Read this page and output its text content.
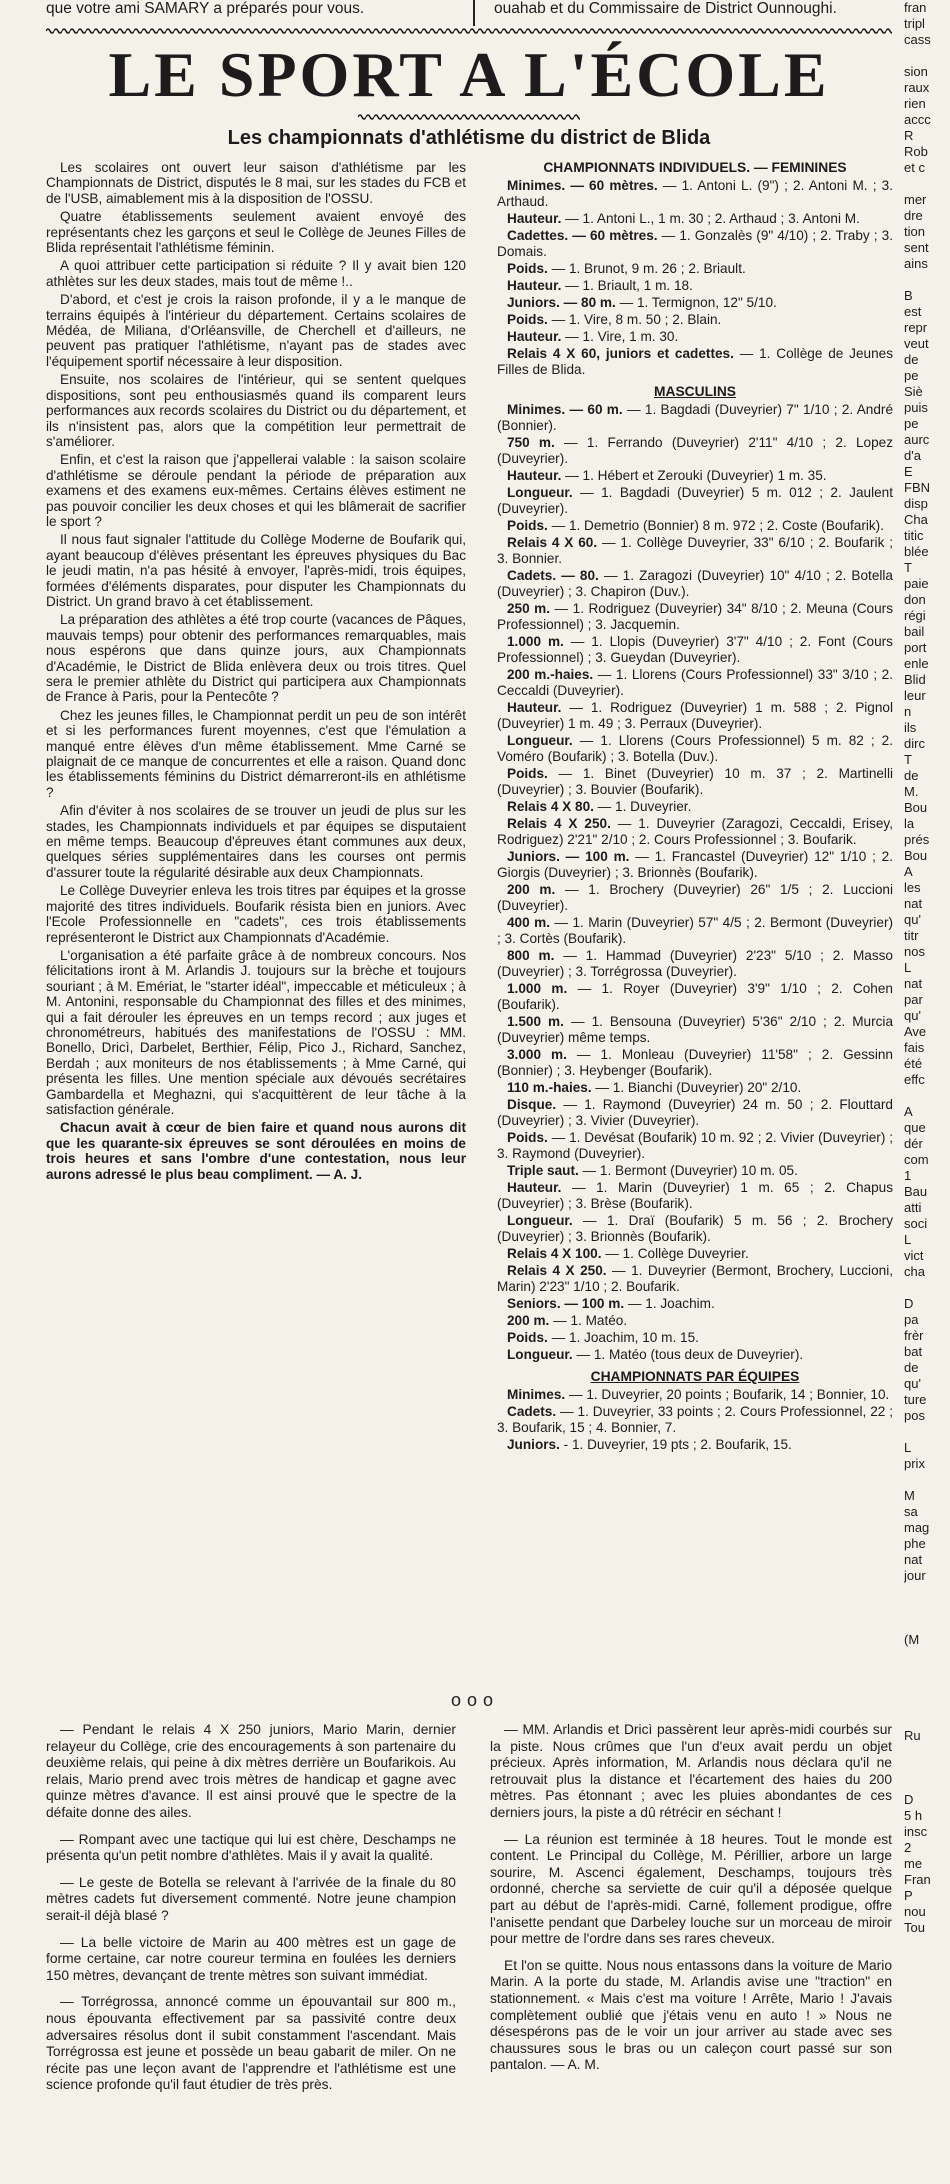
que votre ami SAMARY a préparés pour vous.	ouahab et du Commissaire de District Ounnoughi.
LE SPORT A L'ÉCOLE
Les championnats d'athlétisme du district de Blida

Les scolaires ont ouvert leur saison d'athlétisme par les Championnats de District, disputés le 8 mai, sur les stades du FCB et de l'USB, aimablement mis à la disposition de l'OSSU.

Quatre établissements seulement avaient envoyé des représentants chez les garçons et seul le Collège de Jeunes Filles de Blida représentait l'athlétisme féminin.

A quoi attribuer cette participation si réduite ? Il y avait bien 120 athlètes sur les deux stades, mais tout de même !..

D'abord, et c'est je crois la raison profonde, il y a le manque de terrains équipés à l'intérieur du département. Certains scolaires de Médéa, de Miliana, d'Orléansville, de Cherchell et d'ailleurs, ne peuvent pas pratiquer l'athlétisme, n'ayant pas de stades avec l'équipement sportif nécessaire à leur disposition.

Ensuite, nos scolaires de l'intérieur, qui se sentent quelques dispositions, sont peu enthousiasmés quand ils comparent leurs performances aux records scolaires du District ou du département, et ils n'insistent pas, alors que la compétition leur permettrait de s'améliorer.

Enfin, et c'est la raison que j'appellerai valable : la saison scolaire d'athlétisme se déroule pendant la période de préparation aux examens et des examens eux-mêmes. Certains élèves estiment ne pas pouvoir concilier les deux choses et qui les blâmerait de sacrifier le sport ?

Il nous faut signaler l'attitude du Collège Moderne de Boufarik qui, ayant beaucoup d'élèves présentant les épreuves physiques du Bac le jeudi matin, n'a pas hésité à envoyer, l'après-midi, trois équipes, formées d'éléments disparates, pour disputer les Championnats du District. Un grand bravo à cet établissement.

La préparation des athlètes a été trop courte (vacances de Pâques, mauvais temps) pour obtenir des performances remarquables, mais nous espérons que dans quinze jours, aux Championnats d'Académie, le District de Blida enlèvera deux ou trois titres. Quel sera le premier athlète du District qui participera aux Championnats de France à Paris, pour la Pentecôte ?

Chez les jeunes filles, le Championnat perdit un peu de son intérêt et si les performances furent moyennes, c'est que l'émulation a manqué entre élèves d'un même établissement. Mme Carné se plaignait de ce manque de concurrentes et elle a raison. Quand donc les établissements féminins du District démarreront-ils en athlétisme ?

Afin d'éviter à nos scolaires de se trouver un jeudi de plus sur les stades, les Championnats individuels et par équipes se disputaient en même temps. Beaucoup d'épreuves étant communes aux deux, quelques séries supplémentaires dans les courses ont permis d'assurer toute la régularité désirable aux deux Championnats.

Le Collège Duveyrier enleva les trois titres par équipes et la grosse majorité des titres individuels. Boufarik résista bien en juniors. Avec l'Ecole Professionnelle en "cadets", ces trois établissements représenteront le District aux Championnats d'Académie.

L'organisation a été parfaite grâce à de nombreux concours. Nos félicitations iront à M. Arlandis J. toujours sur la brèche et toujours souriant ; à M. Emériat, le "starter idéal", impeccable et méticuleux ; à M. Antonini, responsable du Championnat des filles et des minimes, qui a fait dérouler les épreuves en un temps record ; aux juges et chronométreurs, habitués des manifestations de l'OSSU : MM. Bonello, Dricì, Darbelet, Berthier, Félip, Pico J., Richard, Sanchez, Berdah ; aux moniteurs de nos établissements ; à Mme Carné, qui présenta les filles. Une mention spéciale aux dévoués secrétaires Gambardella et Meghazni, qui s'acquittèrent de leur tâche à la satisfaction générale.

Chacun avait à cœur de bien faire et quand nous aurons dit que les quarante-six épreuves se sont déroulées en moins de trois heures et sans l'ombre d'une contestation, nous leur aurons adressé le plus beau compliment. — A. J.

CHAMPIONNATS INDIVIDUELS. — FEMININES
Minimes. — 60 mètres. — 1. Antoni L. (9") ; 2. Antoni M. ; 3. Arthaud.
Hauteur. — 1. Antoni L., 1 m. 30 ; 2. Arthaud ; 3. Antoni M.
Cadettes. — 60 mètres. — 1. Gonzalès (9" 4/10) ; 2. Traby ; 3. Domais.
Poids. — 1. Brunot, 9 m. 26 ; 2. Briault.
Hauteur. — 1. Briault, 1 m. 18.
Juniors. — 80 m. — 1. Termignon, 12" 5/10.
Poids. — 1. Vire, 8 m. 50 ; 2. Blain.
Hauteur. — 1. Vire, 1 m. 30.
Relais 4 X 60, juniors et cadettes. — 1. Collège de Jeunes Filles de Blida.
MASCULINS
Minimes. — 60 m. — 1. Bagdadi (Duveyrier) 7" 1/10 ; 2. André (Bonnier).
750 m. — 1. Ferrando (Duveyrier) 2'11" 4/10 ; 2. Lopez (Duveyrier).
Hauteur. — 1. Hébert et Zerouki (Duveyrier) 1 m. 35.
Longueur. — 1. Bagdadi (Duveyrier) 5 m. 012 ; 2. Jaulent (Duveyrier).
Poids. — 1. Demetrio (Bonnier) 8 m. 972 ; 2. Coste (Boufarik).
Relais 4 X 60. — 1. Collège Duveyrier, 33" 6/10 ; 2. Boufarik ; 3. Bonnier.
Cadets. — 80. — 1. Zaragozi (Duveyrier) 10" 4/10 ; 2. Botella (Duveyrier) ; 3. Chapiron (Duv.).
250 m. — 1. Rodriguez (Duveyrier) 34" 8/10 ; 2. Meuna (Cours Professionnel) ; 3. Jacquemin.
1.000 m. — 1. Llopis (Duveyrier) 3'7" 4/10 ; 2. Font (Cours Professionnel) ; 3. Gueydan (Duveyrier).
200 m.-haies. — 1. Llorens (Cours Professionnel) 33" 3/10 ; 2. Ceccaldi (Duveyrier).
Hauteur. — 1. Rodriguez (Duveyrier) 1 m. 588 ; 2. Pignol (Duveyrier) 1 m. 49 ; 3. Perraux (Duveyrier).
Longueur. — 1. Llorens (Cours Professionnel) 5 m. 82 ; 2. Voméro (Boufarik) ; 3. Botella (Duv.).
Poids. — 1. Binet (Duveyrier) 10 m. 37 ; 2. Martinelli (Duveyrier) ; 3. Bouvier (Boufarik).
Relais 4 X 80. — 1. Duveyrier.
Relais 4 X 250. — 1. Duveyrier (Zaragozi, Ceccaldi, Erisey, Rodriguez) 2'21" 2/10 ; 2. Cours Professionnel ; 3. Boufarik.
Juniors. — 100 m. — 1. Francastel (Duveyrier) 12" 1/10 ; 2. Giorgis (Duveyrier) ; 3. Brionnès (Boufarik).
200 m. — 1. Brochery (Duveyrier) 26" 1/5 ; 2. Luccioni (Duveyrier).
400 m. — 1. Marin (Duveyrier) 57" 4/5 ; 2. Bermont (Duveyrier) ; 3. Cortès (Boufarik).
800 m. — 1. Hammad (Duveyrier) 2'23" 5/10 ; 2. Masso (Duveyrier) ; 3. Torrégrossa (Duveyrier).
1.000 m. — 1. Royer (Duveyrier) 3'9" 1/10 ; 2. Cohen (Boufarik).
1.500 m. — 1. Bensouna (Duveyrier) 5'36" 2/10 ; 2. Murcia (Duveyrier) même temps.
3.000 m. — 1. Monleau (Duveyrier) 11'58" ; 2. Gessinn (Bonnier) ; 3. Heybenger (Boufarik).
110 m.-haies. — 1. Bianchi (Duveyrier) 20" 2/10.
Disque. — 1. Raymond (Duveyrier) 24 m. 50 ; 2. Flouttard (Duveyrier) ; 3. Vivier (Duveyrier).
Poids. — 1. Devésat (Boufarik) 10 m. 92 ; 2. Vivier (Duveyrier) ; 3. Raymond (Duveyrier).
Triple saut. — 1. Bermont (Duveyrier) 10 m. 05.
Hauteur. — 1. Marin (Duveyrier) 1 m. 65 ; 2. Chapus (Duveyrier) ; 3. Brèse (Boufarik).
Longueur. — 1. Draï (Boufarik) 5 m. 56 ; 2. Brochery (Duveyrier) ; 3. Brionnès (Boufarik).
Relais 4 X 100. — 1. Collège Duveyrier.
Relais 4 X 250. — 1. Duveyrier (Bermont, Brochery, Luccioni, Marin) 2'23" 1/10 ; 2. Boufarik.
Seniors. — 100 m. — 1. Joachim.
200 m. — 1. Matéo.
Poids. — 1. Joachim, 10 m. 15.
Longueur. — 1. Matéo (tous deux de Duveyrier).
CHAMPIONNATS PAR ÉQUIPES
Minimes. — 1. Duveyrier, 20 points ; Boufarik, 14 ; Bonnier, 10.
Cadets. — 1. Duveyrier, 33 points ; 2. Cours Professionnel, 22 ; 3. Boufarik, 15 ; 4. Bonnier, 7.
Juniors. - 1. Duveyrier, 19 pts ; 2. Boufarik, 15.
ooo

— Pendant le relais 4 X 250 juniors, Mario Marin, dernier relayeur du Collège, crie des encouragements à son partenaire du deuxième relais, qui peine à dix mètres derrière un Boufarikois. Au relais, Mario prend avec trois mètres de handicap et gagne avec quinze mètres d'avance. Il est ainsi prouvé que le spectre de la défaite donne des ailes.

— Rompant avec une tactique qui lui est chère, Deschamps ne présenta qu'un petit nombre d'athlètes. Mais il y avait la qualité.

— Le geste de Botella se relevant à l'arrivée de la finale du 80 mètres cadets fut diversement commenté. Notre jeune champion serait-il déjà blasé ?

— La belle victoire de Marin au 400 mètres est un gage de forme certaine, car notre coureur termina en foulées les derniers 150 mètres, devançant de trente mètres son suivant immédiat.

— Torrégrossa, annoncé comme un épouvantail sur 800 m., nous épouvanta effectivement par sa passivité contre deux adversaires résolus dont il subit constamment l'ascendant. Mais Torrégrossa est jeune et possède un beau gabarit de miler. On ne récite pas une leçon avant de l'apprendre et l'athlétisme est une science profonde qu'il faut étudier de très près.

— MM. Arlandis et Dricì passèrent leur après-midi courbés sur la piste. Nous crûmes que l'un d'eux avait perdu un objet précieux. Après information, M. Arlandis nous déclara qu'il ne retrouvait plus la distance et l'écartement des haies du 200 mètres. Pas étonnant ; avec les pluies abondantes de ces derniers jours, la piste a dû rétrécir en séchant !

— La réunion est terminée à 18 heures. Tout le monde est content. Le Principal du Collège, M. Périllier, arbore un large sourire, M. Ascenci également, Deschamps, toujours très ordonné, cherche sa serviette de cuir qu'il a déposée quelque part au début de l'après-midi. Carné, follement prodigue, offre l'anisette pendant que Darbeley louche sur un morceau de miroir pour mettre de l'ordre dans ses rares cheveux.

Et l'on se quitte. Nous nous entassons dans la voiture de Mario Marin. A la porte du stade, M. Arlandis avise une "traction" en stationnement. « Mais c'est ma voiture ! Arrête, Mario ! J'avais complètement oublié que j'étais venu en auto ! » Nous ne désespérons pas de le voir un jour arriver au stade avec ses chaussures sous le bras ou un caleçon court passé sur son pantalon. — A. M.

fran
tripl
cass

sion
raux
rien
accc
R
Rob
et c

mer
dre
tion
sent
ains

B
est
repr
veut
de
pe
Siè
puis
pe
aurc
d'a
E
FBN
disp
Cha
titic
blée
T
paie
don
régi
bail
port
enle
Blid
leur
n
ils
dirc
T
de
M.
Bou
la
prés
Bou
A
les
nat
qu'
titr
nos
L
nat
par
qu'
Ave
fais
été
effc

A
que
dér
com
1
Bau
atti
soci
L
vict
cha

D
pa
frèr
bat
de
qu'
ture
pos

L
prix

M
sa
mag
phe
nat
jour

(M

Ru

D
5 h
insc
2
me
Fran
P
nou
Tou
